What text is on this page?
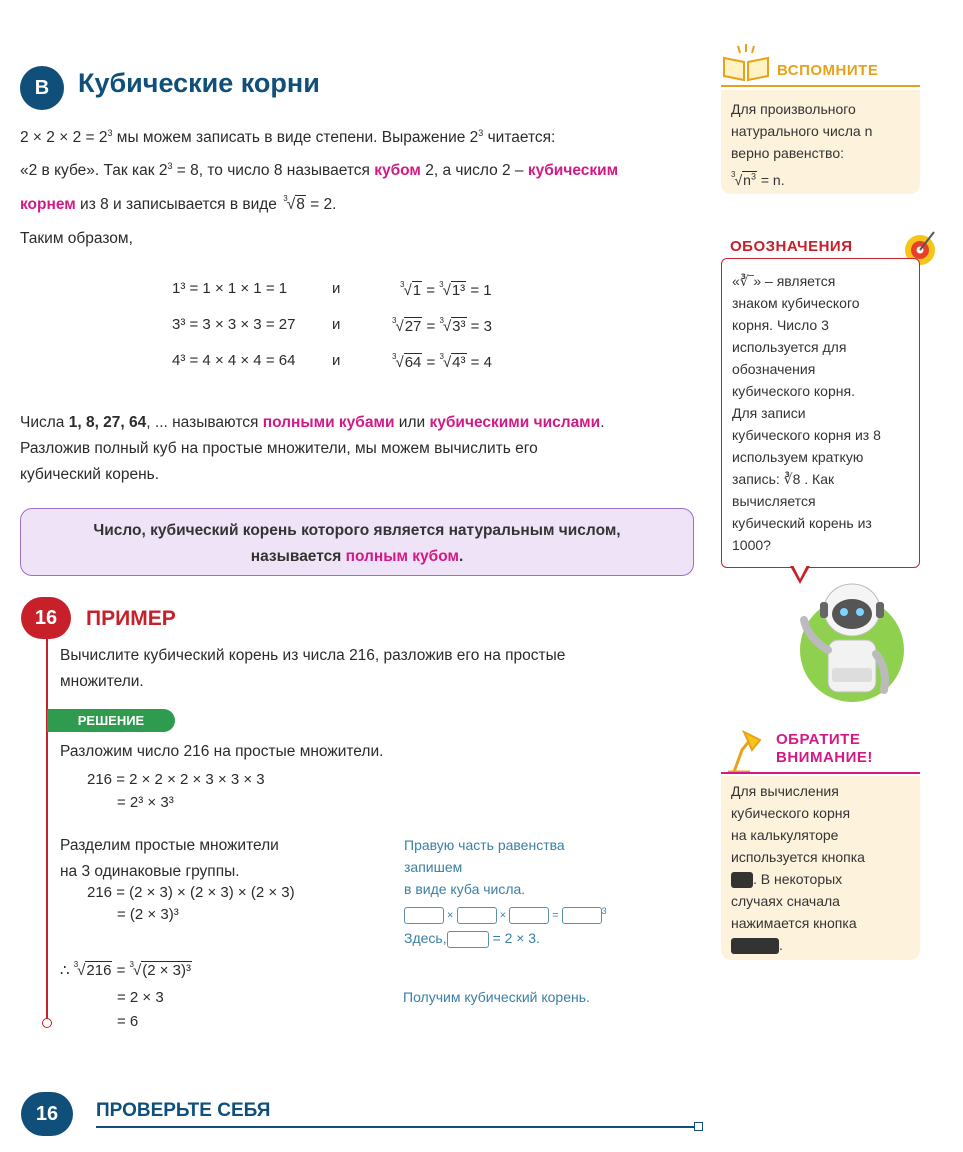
В	Кубические корни
$2 \times 2 \times 2 = 2^3$ мы можем записать в виде степени. Выражение $2^3$ читается:
«2 в кубе». Так как $2^3 = 8$, то число 8 называется кубом 2, а число 2 – кубическим
корнем из 8 и записывается в виде $^3$√8 = 2.
Таким образом,
1³ = 1 × 1 × 1 = 1	и	$^3$√1 = $^3$√1³ = 1
3³ = 3 × 3 × 3 = 27 и	$^3$√27 = $^3$√3³ = 3
4³ = 4 × 4 × 4 = 64 и	$^3$√64 = $^3$√4³ = 4
Числа 1, 8, 27, 64, ... называются полными кубами или кубическими числами.
Разложив полный куб на простые множители, мы можем вычислить его
кубический корень.
Число, кубический корень которого является натуральным числом,
называется полным кубом.
16	ПРИМЕР
Вычислите кубический корень из числа 216, разложив его на простые
множители.
РЕШЕНИЕ
Разложим число 216 на простые множители.
216 = 2 × 2 × 2 × 3 × 3 × 3
= 2³ × 3³
Разделим простые множители
на 3 одинаковые группы.
216 = (2 × 3) × (2 × 3) × (2 × 3)
= (2 × 3)³
∴ $^3$√216 = $^3$√(2 × 3)³
= 2 × 3
= 6
Правую часть равенства
запишем
в виде куба числа.
×	×	=	$^3$
Здесь,	= 2 × 3.
Получим кубический корень.
16	ПРОВЕРЬТЕ СЕБЯ
ВСПОМНИТЕ
Для произвольного
натурального числа n
верно равенство:
$^3√n^3 = n$.
ОБОЗНАЧЕНИЯ
«∛‾» – является
знаком кубического
корня. Число 3
используется для
обозначения
кубического корня.
Для записи
кубического корня из 8
используем краткую
запись: ∛8 . Как
вычисляется
кубический корень из
1000?
ОБРАТИТЕ
ВНИМАНИЕ!
Для вычисления
кубического корня
на калькуляторе
используется кнопка
. В некоторых
случаях сначала
нажимается кнопка
.
